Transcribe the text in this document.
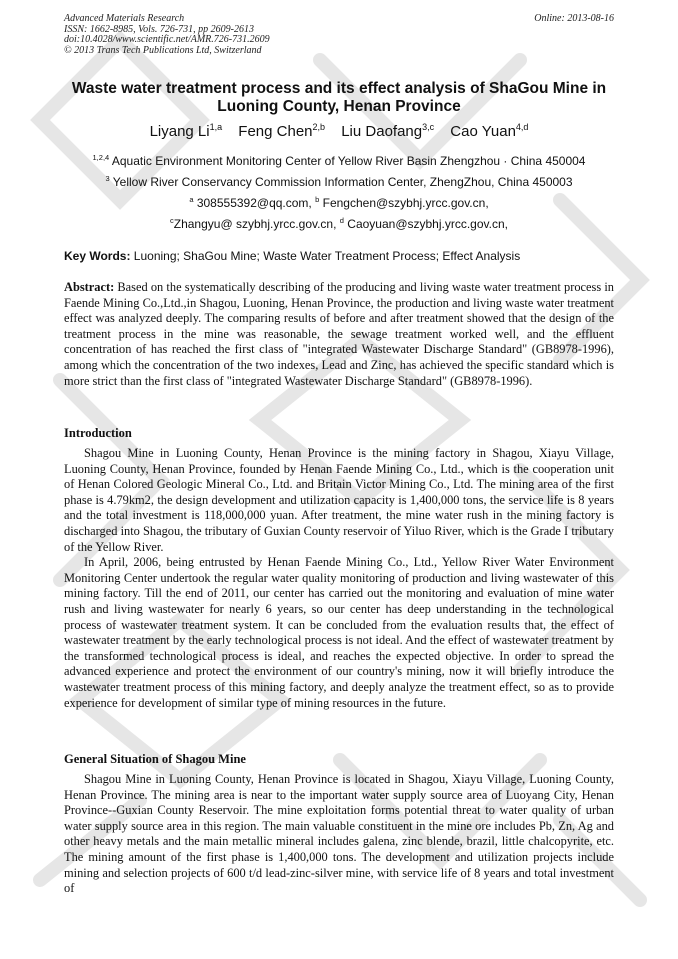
Advanced Materials Research
ISSN: 1662-8985, Vols. 726-731, pp 2609-2613
doi:10.4028/www.scientific.net/AMR.726-731.2609
© 2013 Trans Tech Publications Ltd, Switzerland
Online: 2013-08-16
Waste water treatment process and its effect analysis of ShaGou Mine in Luoning County, Henan Province
Liyang Li$^{1,a}$ Feng Chen$^{2,b}$ Liu Daofang$^{3,c}$ Cao Yuan$^{4,d}$
$^{1,2,4}$ Aquatic Environment Monitoring Center of Yellow River Basin Zhengzhou · China 450004
$^3$ Yellow River Conservancy Commission Information Center, ZhengZhou, China 450003
$^a$ 308555392@qq.com, $^b$ Fengchen@szybhj.yrcc.gov.cn,
$^c$Zhangyu@ szybhj.yrcc.gov.cn, $^d$ Caoyuan@szybhj.yrcc.gov.cn,
Key Words: Luoning; ShaGou Mine; Waste Water Treatment Process; Effect Analysis

Abstract: Based on the systematically describing of the producing and living waste water treatment process in Faende Mining Co.,Ltd.,in Shagou, Luoning, Henan Province, the production and living waste water treatment effect was analyzed deeply. The comparing results of before and after treatment showed that the design of the treatment process in the mine was reasonable, the sewage treatment worked well, and the effluent concentration of has reached the first class of "integrated Wastewater Discharge Standard" (GB8978-1996), among which the concentration of the two indexes, Lead and Zinc, has achieved the specific standard which is more strict than the first class of "integrated Wastewater Discharge Standard" (GB8978-1996).

Introduction

Shagou Mine in Luoning County, Henan Province is the mining factory in Shagou, Xiayu Village, Luoning County, Henan Province, founded by Henan Faende Mining Co., Ltd., which is the cooperation unit of Henan Colored Geologic Mineral Co., Ltd. and Britain Victor Mining Co., Ltd. The mining area of the first phase is 4.79km2, the design development and utilization capacity is 1,400,000 tons, the service life is 8 years and the total investment is 118,000,000 yuan. After treatment, the mine water rush in the mining factory is discharged into Shagou, the tributary of Guxian County reservoir of Yiluo River, which is the Grade I tributary of the Yellow River.

In April, 2006, being entrusted by Henan Faende Mining Co., Ltd., Yellow River Water Environment Monitoring Center undertook the regular water quality monitoring of production and living wastewater of this mining factory. Till the end of 2011, our center has carried out the monitoring and evaluation of mine water rush and living wastewater for nearly 6 years, so our center has deep understanding in the technological process of wastewater treatment system. It can be concluded from the evaluation results that, the effect of wastewater treatment by the early technological process is not ideal. And the effect of wastewater treatment by the transformed technological process is ideal, and reaches the expected objective. In order to spread the advanced experience and protect the environment of our country's mining, now it will briefly introduce the wastewater treatment process of this mining factory, and deeply analyze the treatment effect, so as to provide experience for development of similar type of mining resources in the future.

General Situation of Shagou Mine

Shagou Mine in Luoning County, Henan Province is located in Shagou, Xiayu Village, Luoning County, Henan Province. The mining area is near to the important water supply source area of Luoyang City, Henan Province--Guxian County Reservoir. The mine exploitation forms potential threat to water quality of urban water supply source area in this region. The main valuable constituent in the mine ore includes Pb, Zn, Ag and other heavy metals and the main metallic mineral includes galena, zinc blende, brazil, little chalcopyrite, etc. The mining amount of the first phase is 1,400,000 tons. The development and utilization projects include mining and selection projects of 600 t/d lead-zinc-silver mine, with service life of 8 years and total investment of
